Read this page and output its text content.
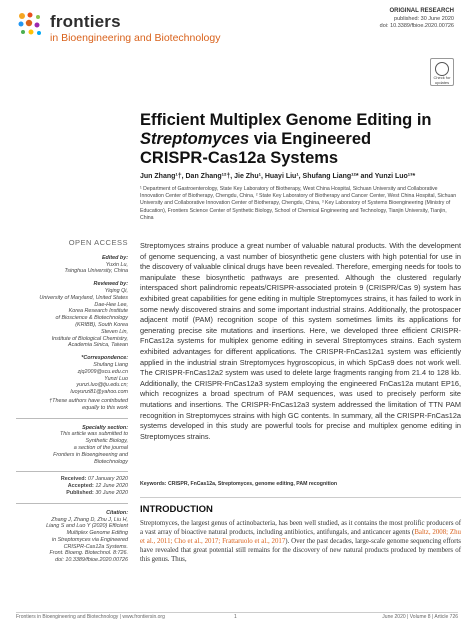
frontiers
in Bioengineering and Biotechnology
ORIGINAL RESEARCH
published: 30 June 2020
doi: 10.3389/fbioe.2020.00726
Check for updates
Efficient Multiplex Genome Editing in
Streptomyces via Engineered
CRISPR-Cas12a Systems
Jun Zhang¹†, Dan Zhang¹²†, Jie Zhu¹, Huayi Liu¹, Shufang Liang¹²* and Yunzi Luo¹³*
¹ Department of Gastroenterology, State Key Laboratory of Biotherapy, West China Hospital, Sichuan University and Collaborative Innovation Center of Biotherapy, Chengdu, China, ² State Key Laboratory of Biotherapy and Cancer Center, West China Hospital, Sichuan University and Collaborative Innovation Center of Biotherapy, Chengdu, China, ³ Key Laboratory of Systems Bioengineering (Ministry of Education), Frontiers Science Center of Synthetic Biology, School of Chemical Engineering and Technology, Tianjin University, Tianjin, China
OPEN ACCESS
Edited by:
Yuxin Lu,
Tsinghua University, China
Reviewed by:
Yiqing Qi,
University of Maryland, United States
Dae-Hee Lee,
Korea Research Institute
of Bioscience & Biotechnology
(KRIBB), South Korea
Steven Lin,
Institute of Biological Chemistry,
Academia Sinica, Taiwan
*Correspondence:
Shufang Liang
zjq2009@scu.edu.cn
Yunzi Luo
yunzi.luo@tju.edu.cn;
luoyunzi81@yahoo.com
†These authors have contributed
equally to this work
Specialty section:
This article was submitted to
Synthetic Biology,
a section of the journal
Frontiers in Bioengineering and
Biotechnology
Received: 07 January 2020
Accepted: 12 June 2020
Published: 30 June 2020
Citation:
Zhang J, Zhang D, Zhu J, Liu H,
Liang S and Luo Y (2020) Efficient
Multiplex Genome Editing
in Streptomyces via Engineered
CRISPR-Cas12a Systems.
Front. Bioeng. Biotechnol. 8:726.
doi: 10.3389/fbioe.2020.00726
Streptomyces strains produce a great number of valuable natural products. With the development of genome sequencing, a vast number of biosynthetic gene clusters with high potential for use in the discovery of valuable clinical drugs have been revealed. Therefore, emerging needs for tools to manipulate these biosynthetic pathways are presented. Although the clustered regularly interspaced short palindromic repeats/CRISPR-associated protein 9 (CRISPR/Cas 9) system has exhibited great capabilities for gene editing in multiple Streptomyces strains, it has failed to work in some newly discovered strains and some important industrial strains. Additionally, the protospacer adjacent motif (PAM) recognition scope of this system sometimes limits its applications for generating precise site mutations and insertions. Here, we developed three efficient CRISPR-FnCas12a systems for multiplex genome editing in several Streptomyces strains. Each system exhibited advantages for different applications. The CRISPR-FnCas12a1 system was efficiently applied in the industrial strain Streptomyces hygroscopicus, in which SpCas9 does not work well. The CRISPR-FnCas12a2 system was used to delete large fragments ranging from 21.4 to 128 kb. Additionally, the CRISPR-FnCas12a3 system employing the engineered FnCas12a mutant EP16, which recognizes a broad spectrum of PAM sequences, was used to precisely perform site mutations and insertions. The CRISPR-FnCas12a3 system addressed the limitation of TTN PAM recognition in Streptomyces strains with high GC contents. In summary, all the CRISPR-FnCas12a systems developed in this study are powerful tools for precise and multiplex genome editing in Streptomyces strains.
Keywords: CRISPR, FnCas12a, Streptomyces, genome editing, PAM recognition
INTRODUCTION
Streptomyces, the largest genus of actinobacteria, has been well studied, as it contains the most prolific producers of a vast array of bioactive natural products, including antibiotics, antifungals, and anticancer agents (Baltz, 2008; Zhu et al., 2011; Cho et al., 2017; Frattaruolo et al., 2017). Over the past decades, large-scale genome sequencing efforts have revealed that great potential still remains for the discovery of new natural products produced by members of this genus. Thus,
Frontiers in Bioengineering and Biotechnology | www.frontiersin.org	1	June 2020 | Volume 8 | Article 726
